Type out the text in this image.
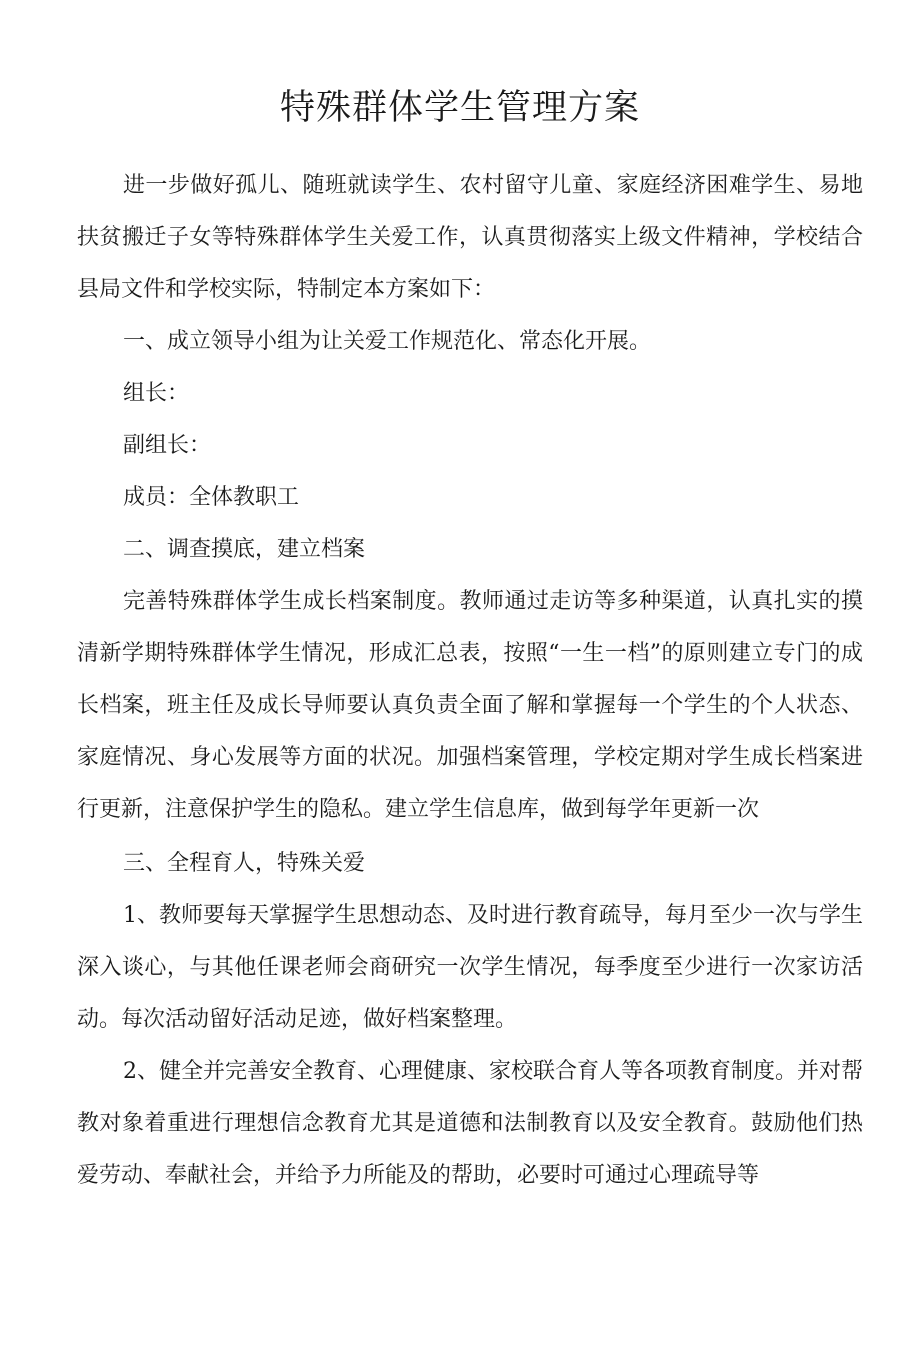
特殊群体学生管理方案

进一步做好孤儿、随班就读学生、农村留守儿童、家庭经济困难学生、易地扶贫搬迁子女等特殊群体学生关爱工作，认真贯彻落实上级文件精神，学校结合县局文件和学校实际，特制定本方案如下：

一、成立领导小组为让关爱工作规范化、常态化开展。

组长：

副组长：

成员：全体教职工

二、调查摸底，建立档案

完善特殊群体学生成长档案制度。教师通过走访等多种渠道，认真扎实的摸清新学期特殊群体学生情况，形成汇总表，按照“一生一档”的原则建立专门的成长档案，班主任及成长导师要认真负责全面了解和掌握每一个学生的个人状态、家庭情况、身心发展等方面的状况。加强档案管理，学校定期对学生成长档案进行更新，注意保护学生的隐私。建立学生信息库，做到每学年更新一次

三、全程育人，特殊关爱

1、教师要每天掌握学生思想动态、及时进行教育疏导，每月至少一次与学生深入谈心，与其他任课老师会商研究一次学生情况，每季度至少进行一次家访活动。每次活动留好活动足迹，做好档案整理。

2、健全并完善安全教育、心理健康、家校联合育人等各项教育制度。并对帮教对象着重进行理想信念教育尤其是道德和法制教育以及安全教育。鼓励他们热爱劳动、奉献社会，并给予力所能及的帮助，必要时可通过心理疏导等
